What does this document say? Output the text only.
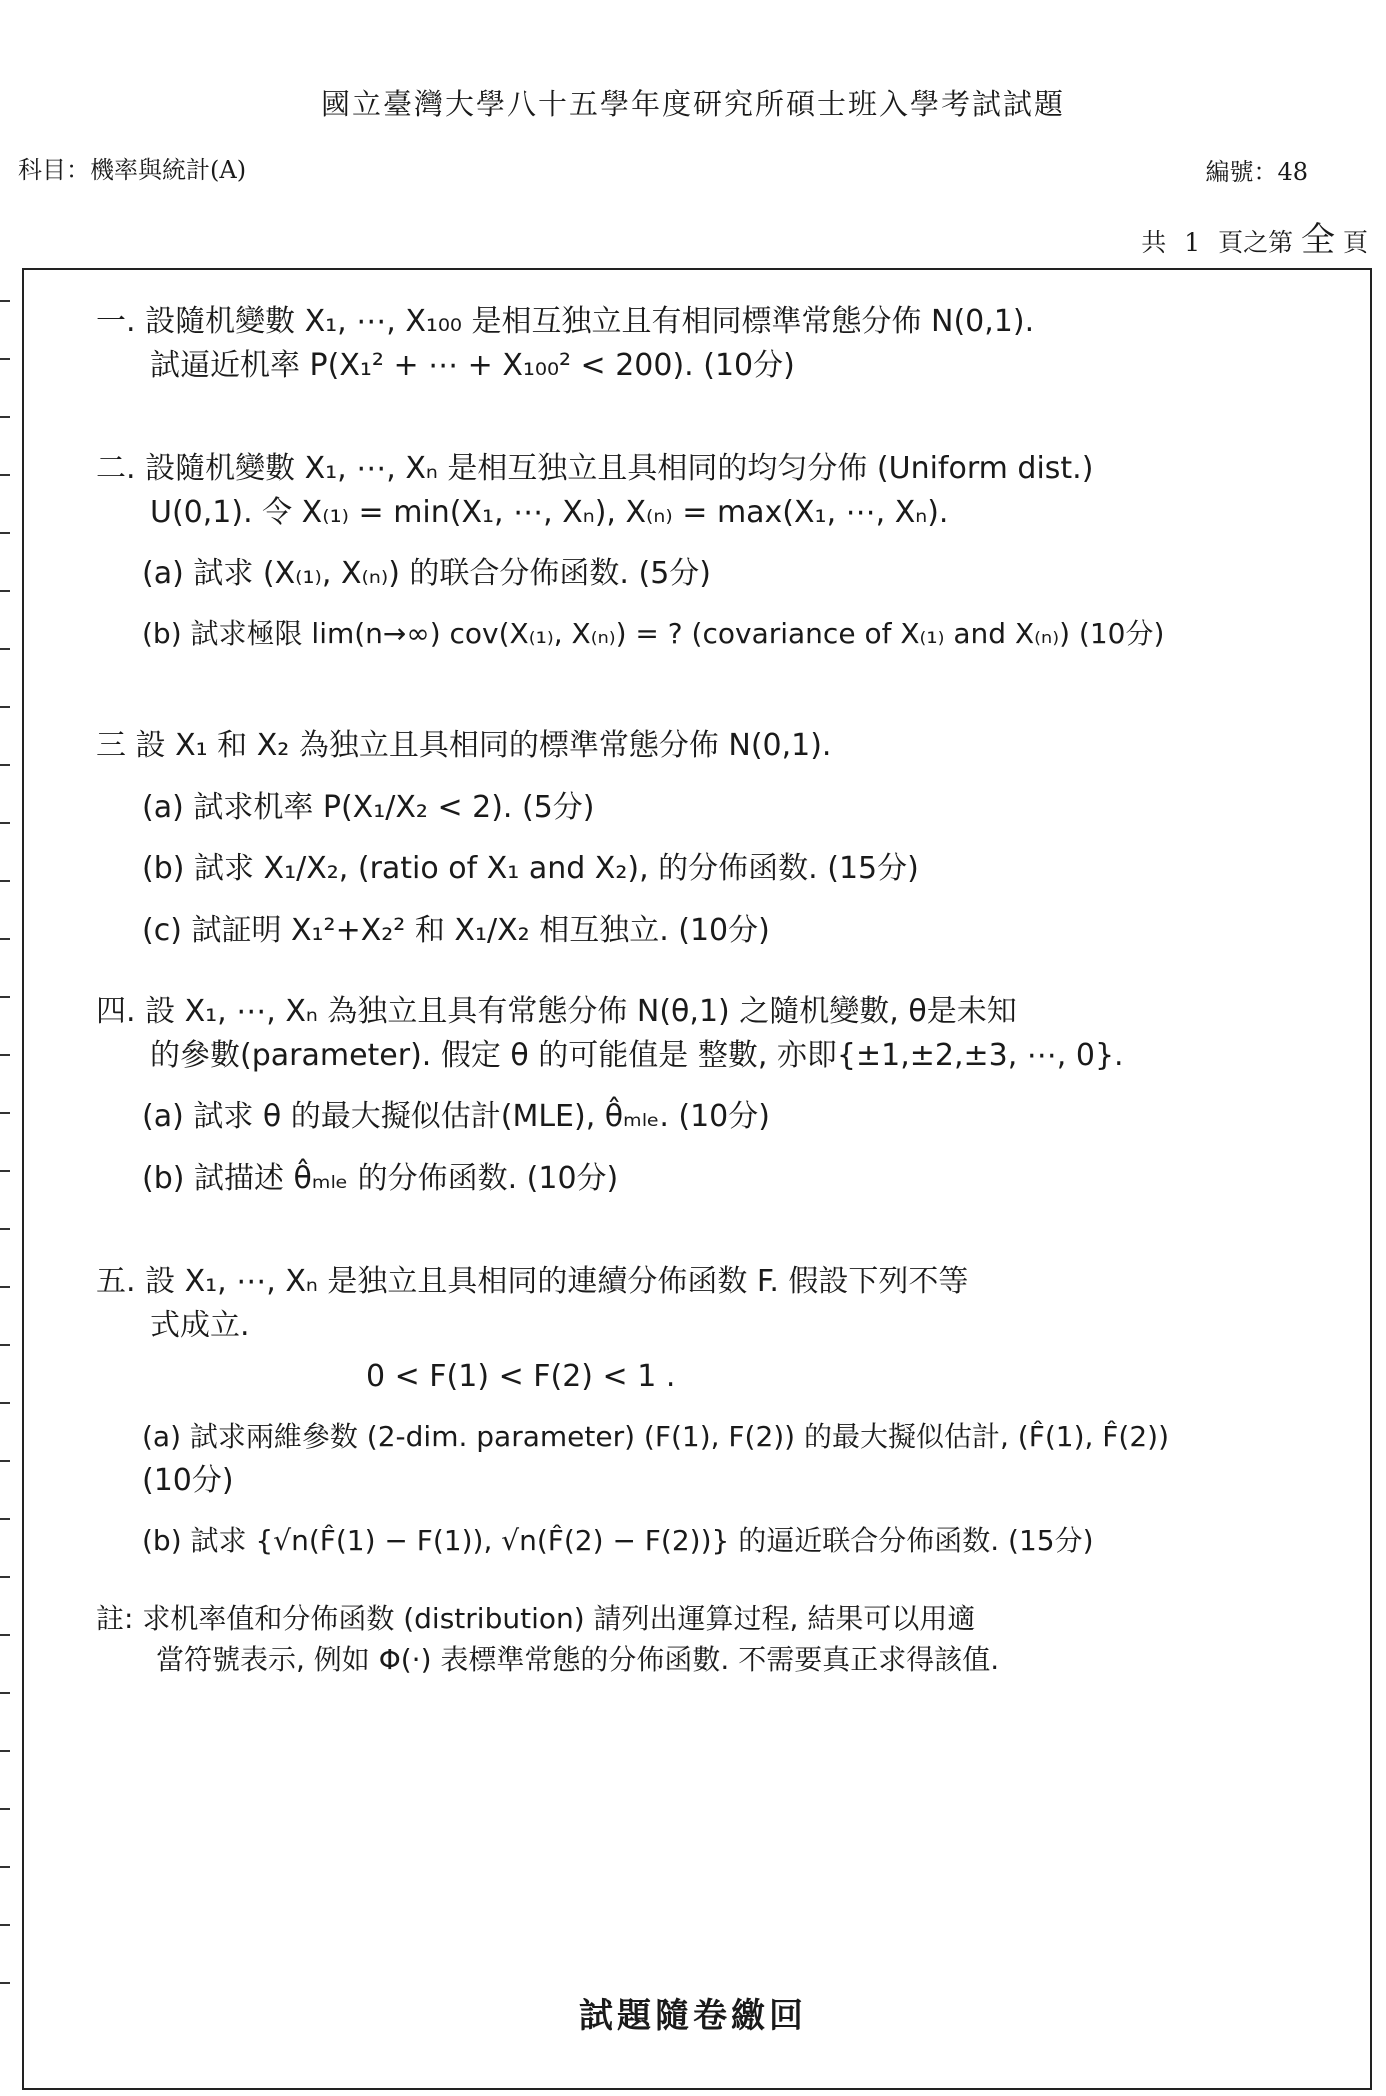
國立臺灣大學八十五學年度研究所碩士班入學考試試題
科目：機率與統計(A)	編號：48
共 1 頁之第 全 頁
一. 設隨机變數 X₁, ⋯, X₁₀₀ 是相互独立且有相同標準常態分佈 N(0,1).
試逼近机率 P(X₁² + ⋯ + X₁₀₀² < 200). (10分)
二. 設隨机變數 X₁, ⋯, Xₙ 是相互独立且具相同的均匀分佈 (Uniform dist.)
U(0,1). 令 X₍₁₎ = min(X₁, ⋯, Xₙ), X₍ₙ₎ = max(X₁, ⋯, Xₙ).
(a) 試求 (X₍₁₎, X₍ₙ₎) 的联合分佈函数. (5分)
(b) 試求極限 lim(n→∞) cov(X₍₁₎, X₍ₙ₎) = ? (covariance of X₍₁₎ and X₍ₙ₎) (10分)
三 設 X₁ 和 X₂ 為独立且具相同的標準常態分佈 N(0,1).
(a) 試求机率 P(X₁/X₂ < 2). (5分)
(b) 試求 X₁/X₂, (ratio of X₁ and X₂), 的分佈函数. (15分)
(c) 試証明 X₁²+X₂² 和 X₁/X₂ 相互独立. (10分)
四. 設 X₁, ⋯, Xₙ 為独立且具有常態分佈 N(θ,1) 之隨机變數, θ是未知
的參數(parameter). 假定 θ 的可能值是 整數, 亦即{±1,±2,±3, ⋯, 0}.
(a) 試求 θ 的最大擬似估計(MLE), θ̂ₘₗₑ. (10分)
(b) 試描述 θ̂ₘₗₑ 的分佈函数. (10分)
五. 設 X₁, ⋯, Xₙ 是独立且具相同的連續分佈函数 F. 假設下列不等
式成立.
0 < F(1) < F(2) < 1 .
(a) 試求兩維參数 (2-dim. parameter) (F(1), F(2)) 的最大擬似估計, (F̂(1), F̂(2))
(10分)
(b) 試求 {√n(F̂(1) − F(1)), √n(F̂(2) − F(2))} 的逼近联合分佈函数. (15分)
註: 求机率值和分佈函数 (distribution) 請列出運算过程, 結果可以用適
當符號表示, 例如 Φ(·) 表標準常態的分佈函數. 不需要真正求得該值.
試題隨卷繳回
